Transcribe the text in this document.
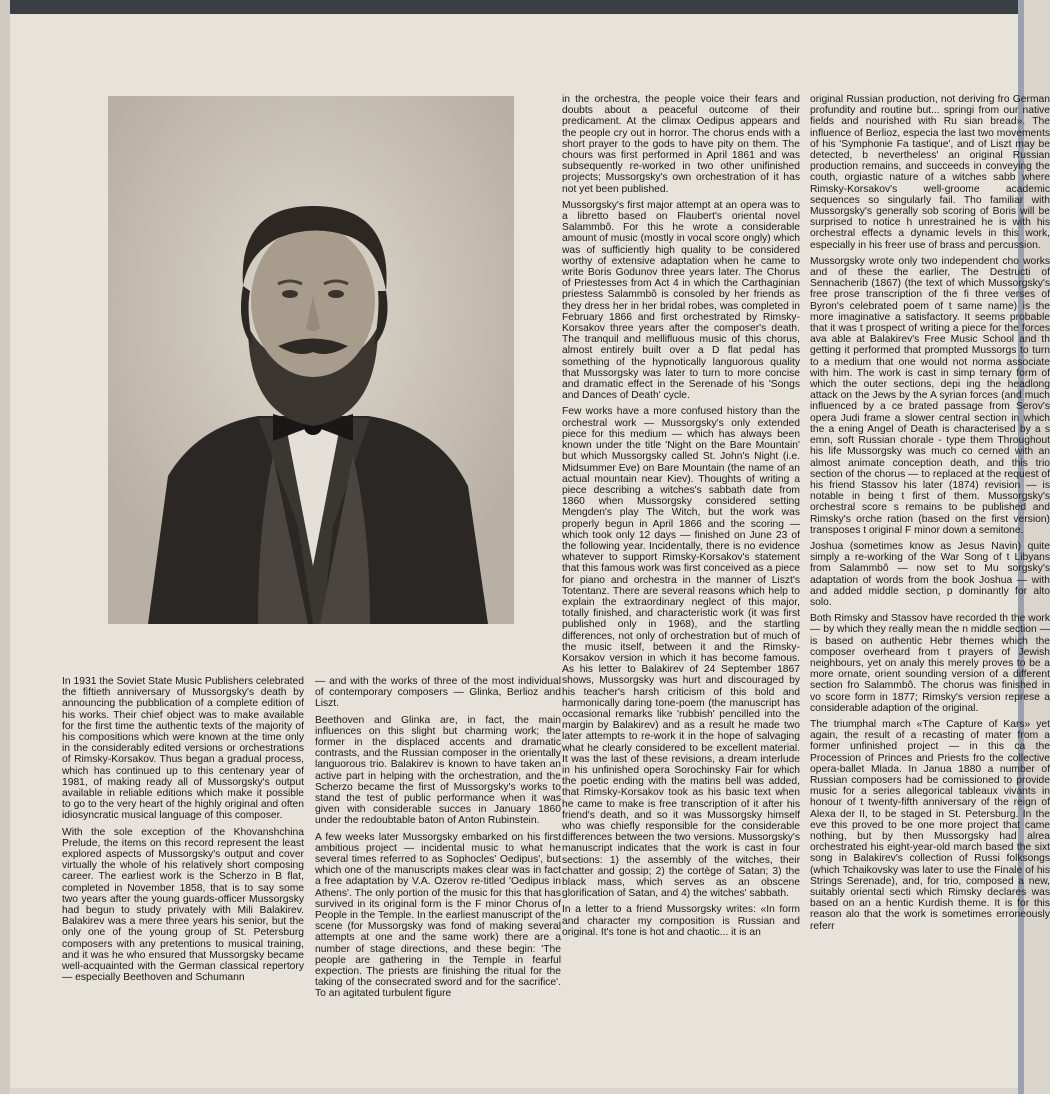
In 1931 the Soviet State Music Publishers celebrated the fiftieth anniversary of Mussorgsky's death by announcing the pubblication of a complete edition of his works. Their chief object was to make available for the first time the authentic texts of the majority of his compositions which were known at the time only in the considerably edited versions or orchestrations of Rimsky-Korsakov. Thus began a gradual process, which has continued up to this centenary year of 1981, of making ready all of Mussorgsky's output available in reliable editions which make it possible to go to the very heart of the highly original and often idiosyncratic musical language of this composer.

With the sole exception of the Khovanshchina Prelude, the items on this record represent the least explored aspects of Mussorgsky's output and cover virtually the whole of his relatively short composing career. The earliest work is the Scherzo in B flat, completed in November 1858, that is to say some two years after the young guards-officer Mussorgsky had begun to study privately with Mili Balakirev. Balakirev was a mere three years his senior, but the only one of the young group of St. Petersburg composers with any pretentions to musical training, and it was he who ensured that Mussorgsky became well-acquainted with the German classical repertory — especially Beethoven and Schumann

— and with the works of three of the most individual of contemporary composers — Glinka, Berlioz and Liszt.

Beethoven and Glinka are, in fact, the main influences on this slight but charming work; the former in the displaced accents and dramatic contrasts, and the Russian composer in the orientally languorous trio. Balakirev is known to have taken an active part in helping with the orchestration, and the Scherzo became the first of Mussorgsky's works to stand the test of public performance when it was given with considerable succes in January 1860 under the redoubtable baton of Anton Rubinstein.

A few weeks later Mussorgsky embarked on his first ambitious project — incidental music to what he several times referred to as Sophocles' Oedipus', but which one of the manuscripts makes clear was in fact a free adaptation by V.A. Ozerov re-titled 'Oedipus in Athens'. The only portion of the music for this that has survived in its original form is the F minor Chorus of People in the Temple. In the earliest manuscript of the scene (for Mussorgsky was fond of making several attempts at one and the same work) there are a number of stage directions, and these begin: 'The people are gathering in the Temple in fearful expection. The priests are finishing the ritual for the taking of the consecrated sword and for the sacrifice'. To an agitated turbulent figure

in the orchestra, the people voice their fears and doubts about a peaceful outcome of their predicament. At the climax Oedipus appears and the people cry out in horror. The chorus ends with a short prayer to the gods to have pity on them. The chours was first performed in April 1861 and was subsequently re-worked in two other unifinished projects; Mussorgsky's own orchestration of it has not yet been published.

Mussorgsky's first major attempt at an opera was to a libretto based on Flaubert's oriental novel Salammbô. For this he wrote a considerable amount of music (mostly in vocal score ongly) which was of sufficiently high quality to be considered worthy of extensive adaptation when he came to write Boris Godunov three years later. The Chorus of Priestesses from Act 4 in which the Carthaginian priestess Salammbô is consoled by her friends as they dress her in her bridal robes, was completed in February 1866 and first orchestrated by Rimsky-Korsakov three years after the composer's death. The tranquil and mellifluous music of this chorus, almost entirely built over a D flat pedal has something of the hypnotically languorous quality that Mussorgsky was later to turn to more concise and dramatic effect in the Serenade of his 'Songs and Dances of Death' cycle.

Few works have a more confused history than the orchestral work — Mussorgsky's only extended piece for this medium — which has always been known under the title 'Night on the Bare Mountain' but which Mussorgsky called St. John's Night (i.e. Midsummer Eve) on Bare Mountain (the name of an actual mountain near Kiev). Thoughts of writing a piece describing a witches's sabbath date from 1860 when Mussorgsky considered setting Mengden's play The Witch, but the work was properly begun in April 1866 and the scoring — which took only 12 days — finished on June 23 of the following year. Incidentally, there is no evidence whatever to support Rimsky-Korsakov's statement that this famous work was first conceived as a piece for piano and orchestra in the manner of Liszt's Totentanz. There are several reasons which help to explain the extraordinary neglect of this major, totally finished, and characteristic work (it was first published only in 1968), and the startling differences, not only of orchestration but of much of the music itself, between it and the Rimsky-Korsakov version in which it has become famous. As his letter to Balakirev of 24 September 1867 shows, Mussorgsky was hurt and discouraged by his teacher's harsh criticism of this bold and harmonically daring tone-poem (the manuscript has occasional remarks like 'rubbish' pencilled into the margin by Balakirev) and as a result he made two later attempts to re-work it in the hope of salvaging what he clearly considered to be excellent material. It was the last of these revisions, a dream interlude in his unfinished opera Sorochinsky Fair for which the poetic ending with the matins bell was added, that Rimsky-Korsakov took as his basic text when he came to make is free transcription of it after his friend's death, and so it was Mussorgsky himself who was chiefly responsible for the considerable differences between the two versions. Mussorgsky's manuscript indicates that the work is cast in four sections: 1) the assembly of the witches, their chatter and gossip; 2) the cortège of Satan; 3) the black mass, which serves as an obscene glorification of Satan, and 4) the witches' sabbath.

In a letter to a friend Mussorgsky writes: «In form and character my composition is Russian and original. It's tone is hot and chaotic... it is an

original Russian production, not deriving fro German profundity and routine but... springi from our native fields and nourished with Ru sian bread». The influence of Berlioz, especia the last two movements of his 'Symphonie Fa tastique', and of Liszt may be detected, b nevertheless' an original Russian production remains, and succeeds in conveying the couth, orgiastic nature of a witches sabb where Rimsky-Korsakov's well-groome academic sequences so singularly fail. Tho familiar with Mussorgsky's generally sob scoring of Boris will be surprised to notice h unrestrained he is with his orchestral effects a dynamic levels in this work, especially in his freer use of brass and percussion.

Mussorgsky wrote only two independent cho works and of these the earlier, The Destructi of Sennacherib (1867) (the text of which Mussorgsky's free prose transcription of the fi three verses of Byron's celebrated poem of t same name) is the more imaginative a satisfactory. It seems probable that it was t prospect of writing a piece for the forces ava able at Balakirev's Free Music School and th getting it performed that prompted Mussorgs to turn to a medium that one would not norma associate with him. The work is cast in simp ternary form of which the outer sections, depi ing the headlong attack on the Jews by the A syrian forces (and much influenced by a ce brated passage from Serov's opera Judi frame a slower central section in which the a ening Angel of Death is characterised by a s emn, soft Russian chorale - type them Throughout his life Mussorgsky was much co cerned with an almost animate conception death, and this trio section of the chorus — to replaced at the request of his friend Stassov his later (1874) revision — is notable in being t first of them. Mussorgsky's orchestral score s remains to be published and Rimsky's orche ration (based on the first version) transposes t original F minor down a semitone.

Joshua (sometimes know as Jesus Navin) quite simply a re-working of the War Song of t Libyans from Salammbô — now set to Mu sorgsky's adaptation of words from the book Joshua — with and added middle section, p dominantly for alto solo.

Both Rimsky and Stassov have recorded th the work — by which they really mean the n middle section — is based on authentic Hebr themes which the composer overheard from t prayers of Jewish neighbours, yet on analy this merely proves to be a more ornate, orient sounding version of a different section fro Salammbô. The chorus was finished in vo score form in 1877; Rimsky's version represe a considerable adaption of the original.

The triumphal march «The Capture of Kars» yet again, the result of a recasting of mater from a former unfinished project — in this ca the Procession of Princes and Priests fro the collective opera-ballet Mlada. In Janua 1880 a number of Russian composers had be comissioned to provide music for a series allegorical tableaux vivants in honour of t twenty-fifth anniversary of the reign of Alexa der II, to be staged in St. Petersburg. In the eve this proved to be one more project that came nothing, but by then Mussorgsky had alrea orchestrated his eight-year-old march based the sixt song in Balakirev's collection of Russi folksongs (which Tchaikovsky was later to use the Finale of his Strings Serenade), and, for trio, composed a new, suitably oriental secti which Rimsky declares was based on an a hentic Kurdish theme. It is for this reason alo that the work is sometimes erroneously referr
